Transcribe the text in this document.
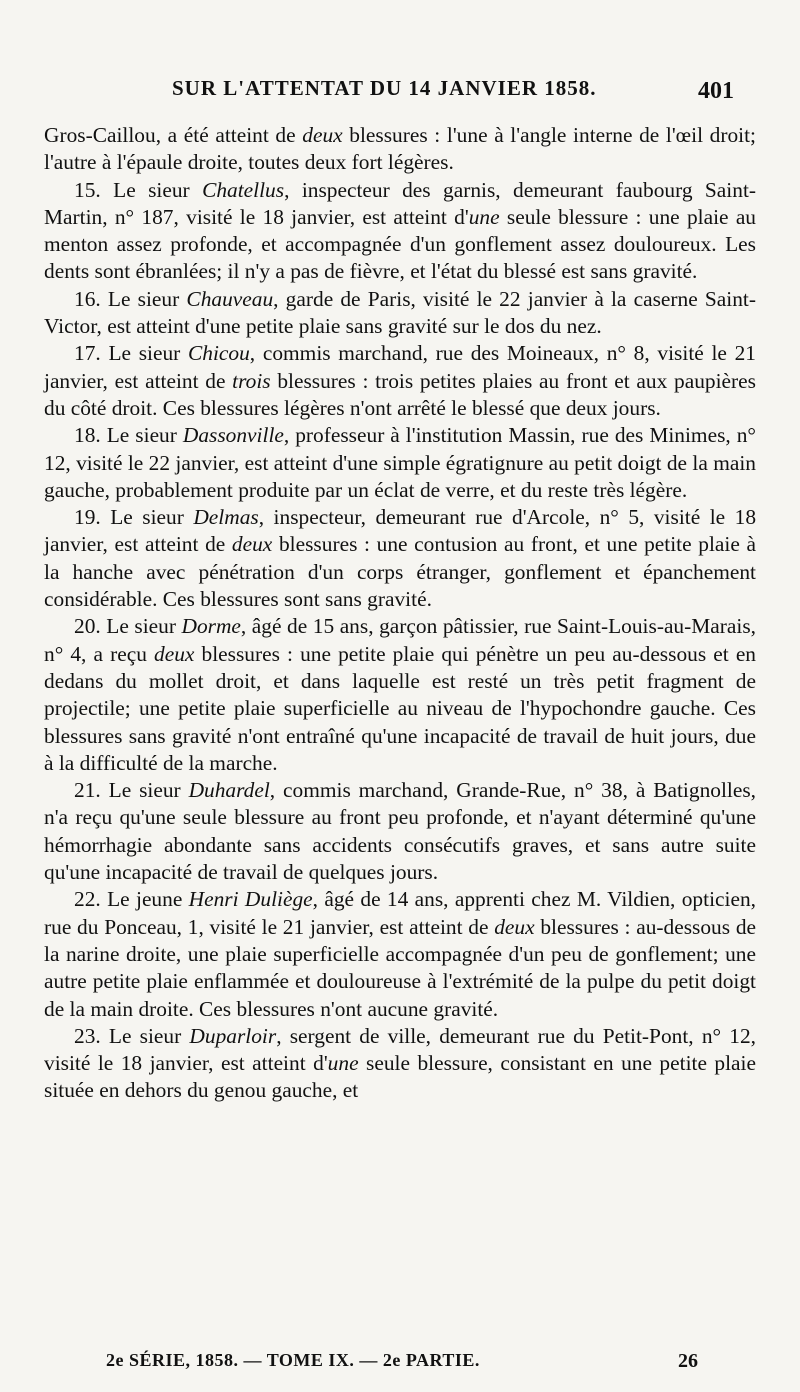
SUR L'ATTENTAT DU 14 JANVIER 1858.	401

Gros-Caillou, a été atteint de deux blessures : l'une à l'angle interne de l'œil droit; l'autre à l'épaule droite, toutes deux fort légères.

15. Le sieur Chatellus, inspecteur des garnis, demeurant faubourg Saint-Martin, n° 187, visité le 18 janvier, est atteint d'une seule blessure : une plaie au menton assez profonde, et accompagnée d'un gonflement assez douloureux. Les dents sont ébranlées; il n'y a pas de fièvre, et l'état du blessé est sans gravité.

16. Le sieur Chauveau, garde de Paris, visité le 22 janvier à la caserne Saint-Victor, est atteint d'une petite plaie sans gravité sur le dos du nez.

17. Le sieur Chicou, commis marchand, rue des Moineaux, n° 8, visité le 21 janvier, est atteint de trois blessures : trois petites plaies au front et aux paupières du côté droit. Ces blessures légères n'ont arrêté le blessé que deux jours.

18. Le sieur Dassonville, professeur à l'institution Massin, rue des Minimes, n° 12, visité le 22 janvier, est atteint d'une simple égratignure au petit doigt de la main gauche, probablement produite par un éclat de verre, et du reste très légère.

19. Le sieur Delmas, inspecteur, demeurant rue d'Arcole, n° 5, visité le 18 janvier, est atteint de deux blessures : une contusion au front, et une petite plaie à la hanche avec pénétration d'un corps étranger, gonflement et épanchement considérable. Ces blessures sont sans gravité.

20. Le sieur Dorme, âgé de 15 ans, garçon pâtissier, rue Saint-Louis-au-Marais, n° 4, a reçu deux blessures : une petite plaie qui pénètre un peu au-dessous et en dedans du mollet droit, et dans laquelle est resté un très petit fragment de projectile; une petite plaie superficielle au niveau de l'hypochondre gauche. Ces blessures sans gravité n'ont entraîné qu'une incapacité de travail de huit jours, due à la difficulté de la marche.

21. Le sieur Duhardel, commis marchand, Grande-Rue, n° 38, à Batignolles, n'a reçu qu'une seule blessure au front peu profonde, et n'ayant déterminé qu'une hémorrhagie abondante sans accidents consécutifs graves, et sans autre suite qu'une incapacité de travail de quelques jours.

22. Le jeune Henri Duliège, âgé de 14 ans, apprenti chez M. Vildien, opticien, rue du Ponceau, 1, visité le 21 janvier, est atteint de deux blessures : au-dessous de la narine droite, une plaie superficielle accompagnée d'un peu de gonflement; une autre petite plaie enflammée et douloureuse à l'extrémité de la pulpe du petit doigt de la main droite. Ces blessures n'ont aucune gravité.

23. Le sieur Duparloir, sergent de ville, demeurant rue du Petit-Pont, n° 12, visité le 18 janvier, est atteint d'une seule blessure, consistant en une petite plaie située en dehors du genou gauche, et

2e SÉRIE, 1858. — TOME IX. — 2e PARTIE.	26
